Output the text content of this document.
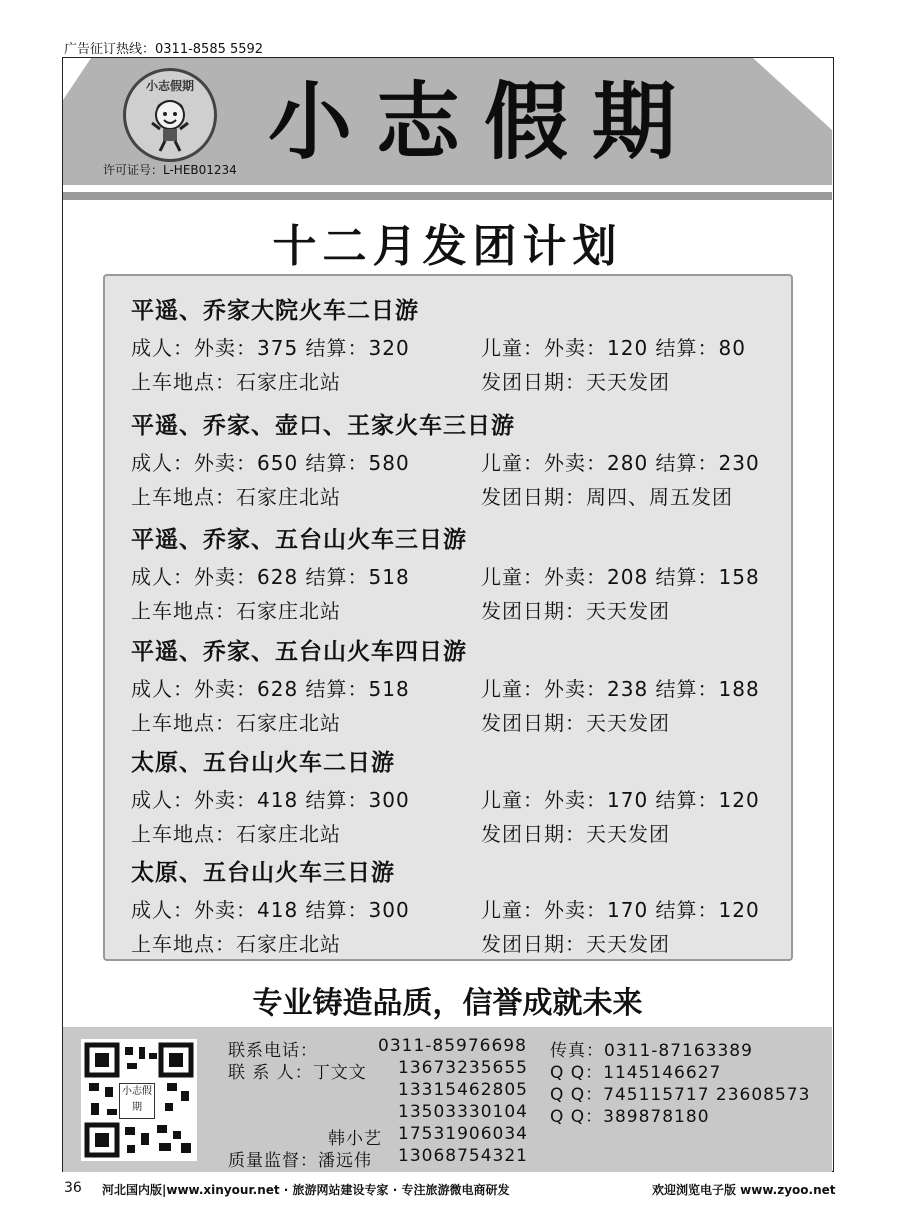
广告征订热线：0311-8585 5592
小志假期 小志假期
许可证号：L-HEB01234
十二月发团计划
平遥、乔家大院火车二日游
成人：外卖：375 结算：320	儿童：外卖：120 结算：80
上车地点：石家庄北站	发团日期：天天发团
平遥、乔家、壶口、王家火车三日游
成人：外卖：650 结算：580	儿童：外卖：280 结算：230
上车地点：石家庄北站	发团日期：周四、周五发团
平遥、乔家、五台山火车三日游
成人：外卖：628 结算：518	儿童：外卖：208 结算：158
上车地点：石家庄北站	发团日期：天天发团
平遥、乔家、五台山火车四日游
成人：外卖：628 结算：518	儿童：外卖：238 结算：188
上车地点：石家庄北站	发团日期：天天发团
太原、五台山火车二日游
成人：外卖：418 结算：300	儿童：外卖：170 结算：120
上车地点：石家庄北站	发团日期：天天发团
太原、五台山火车三日游
成人：外卖：418 结算：300	儿童：外卖：170 结算：120
上车地点：石家庄北站	发团日期：天天发团
专业铸造品质，信誉成就未来
小志假期
联系电话：	0311-85976698 传真：0311-87163389
联 系 人：丁文文 13673235655 Q Q：1145146627
13315462805 Q Q：745115717 23608573
13503330104 Q Q：389878180
韩小艺 17531906034
质量监督：潘远伟 13068754321
36 河北国内版|www.xinyour.net · 旅游网站建设专家 · 专注旅游微电商研发	欢迎浏览电子版 www.zyoo.net
